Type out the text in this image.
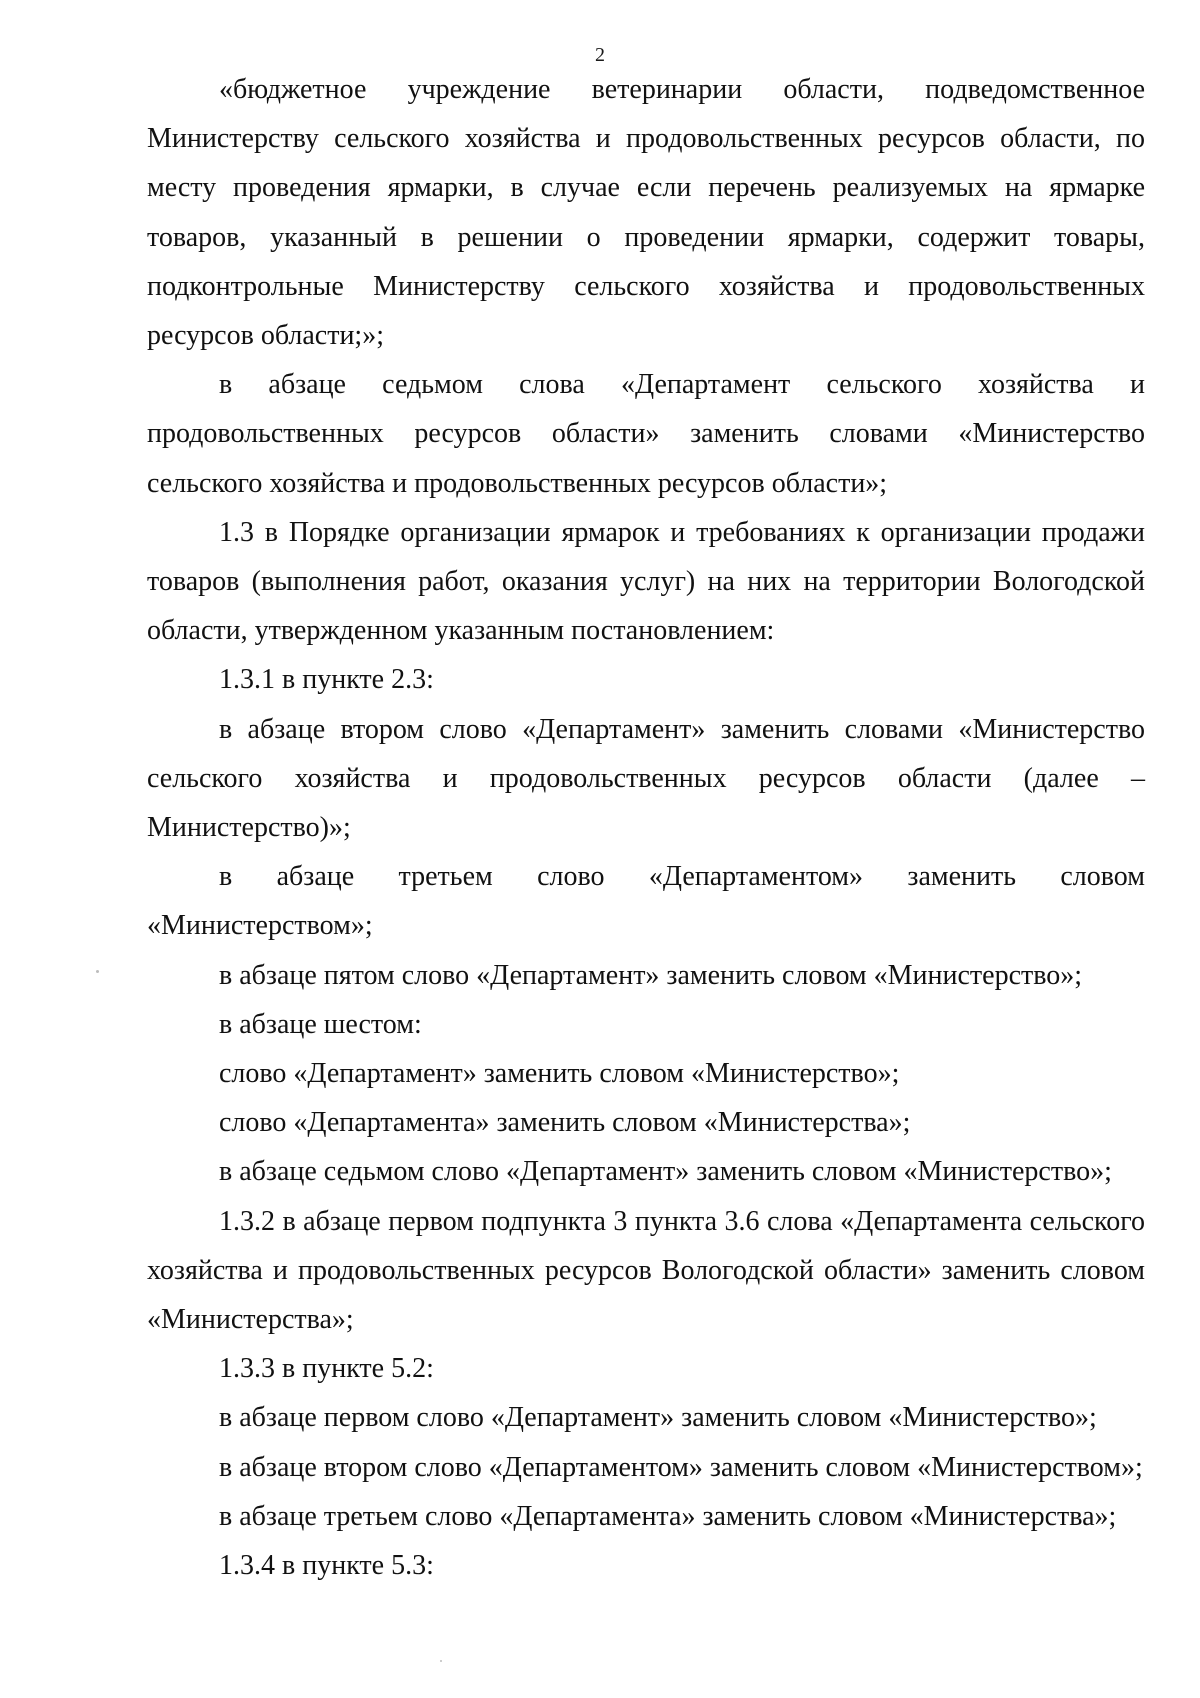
2

«бюджетное учреждение ветеринарии области, подведомственное Министерству сельского хозяйства и продовольственных ресурсов области, по месту проведения ярмарки, в случае если перечень реализуемых на ярмарке товаров, указанный в решении о проведении ярмарки, содержит товары, подконтрольные Министерству сельского хозяйства и продовольственных ресурсов области;»;

в абзаце седьмом слова «Департамент сельского хозяйства и продовольственных ресурсов области» заменить словами «Министерство сельского хозяйства и продовольственных ресурсов области»;

1.3 в Порядке организации ярмарок и требованиях к организации продажи товаров (выполнения работ, оказания услуг) на них на территории Вологодской области, утвержденном указанным постановлением:

1.3.1 в пункте 2.3:

в абзаце втором слово «Департамент» заменить словами «Министерство сельского хозяйства и продовольственных ресурсов области (далее – Министерство)»;

в абзаце третьем слово «Департаментом» заменить словом «Министерством»;

в абзаце пятом слово «Департамент» заменить словом «Министерство»;

в абзаце шестом:

слово «Департамент» заменить словом «Министерство»;

слово «Департамента» заменить словом «Министерства»;

в абзаце седьмом слово «Департамент» заменить словом «Министерство»;

1.3.2 в абзаце первом подпункта 3 пункта 3.6 слова «Департамента сельского хозяйства и продовольственных ресурсов Вологодской области» заменить словом «Министерства»;

1.3.3 в пункте 5.2:

в абзаце первом слово «Департамент» заменить словом «Министерство»;

в абзаце втором слово «Департаментом» заменить словом «Министерством»;

в абзаце третьем слово «Департамента» заменить словом «Министерства»;

1.3.4 в пункте 5.3:
